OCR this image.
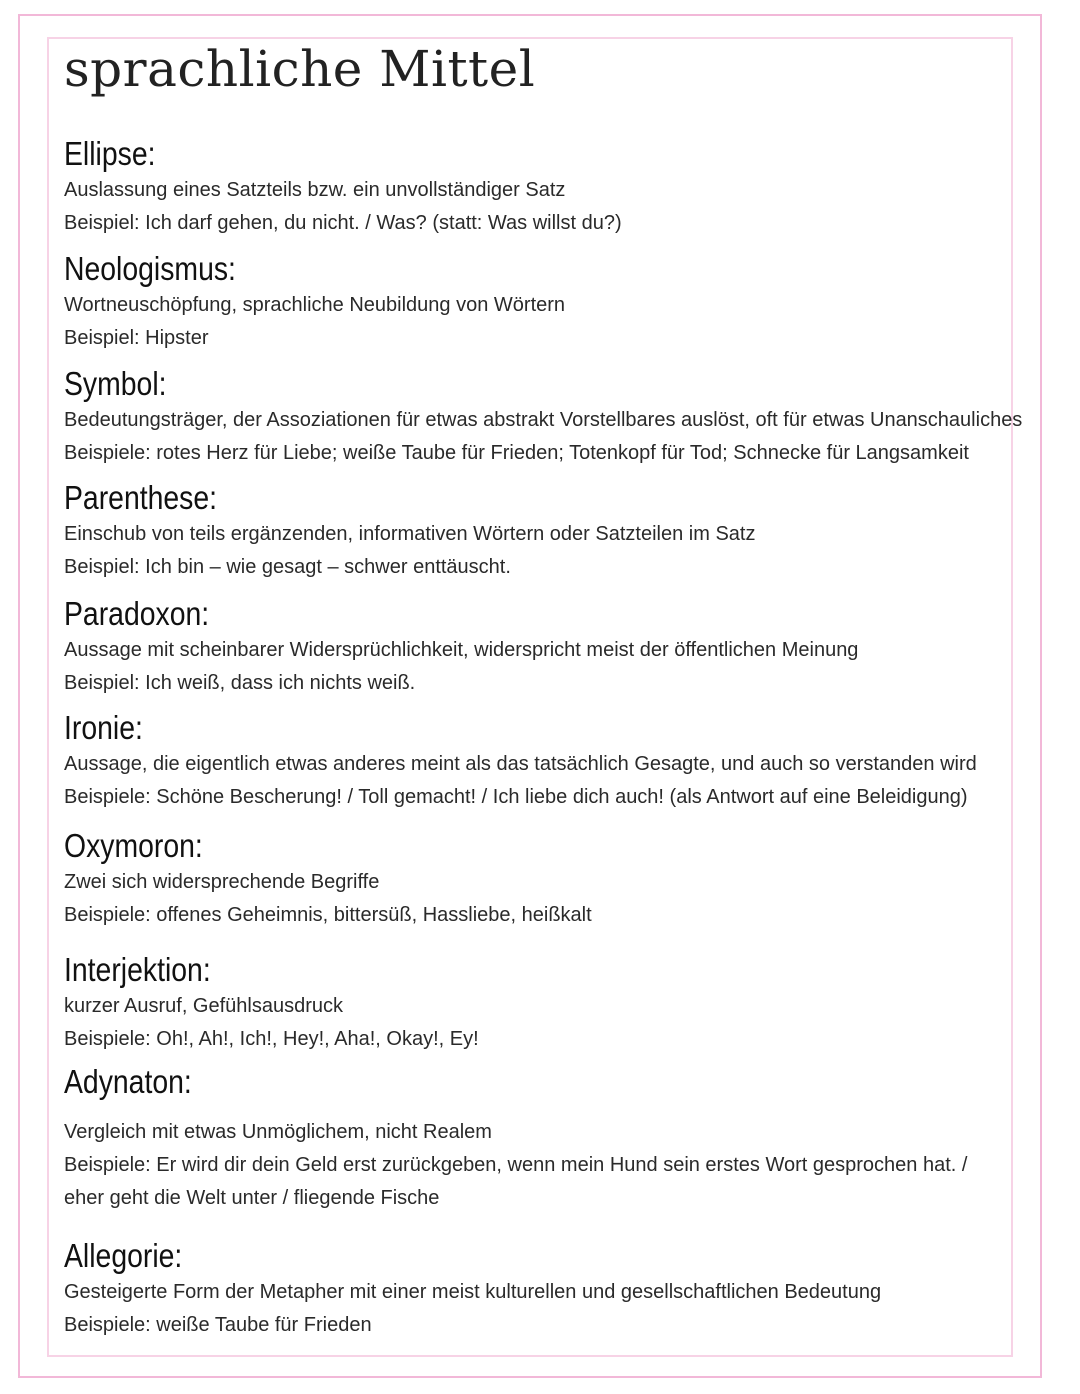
sprachliche Mittel
Ellipse:

Auslassung eines Satzteils bzw. ein unvollständiger Satz

Beispiel: Ich darf gehen, du nicht. / Was? (statt: Was willst du?)

Neologismus:

Wortneuschöpfung, sprachliche Neubildung von Wörtern

Beispiel: Hipster

Symbol:

Bedeutungsträger, der Assoziationen für etwas abstrakt Vorstellbares auslöst, oft für etwas Unanschauliches

Beispiele: rotes Herz für Liebe; weiße Taube für Frieden; Totenkopf für Tod; Schnecke für Langsamkeit

Parenthese:

Einschub von teils ergänzenden, informativen Wörtern oder Satzteilen im Satz

Beispiel: Ich bin – wie gesagt – schwer enttäuscht.

Paradoxon:

Aussage mit scheinbarer Widersprüchlichkeit, widerspricht meist der öffentlichen Meinung

Beispiel: Ich weiß, dass ich nichts weiß.

Ironie:

Aussage, die eigentlich etwas anderes meint als das tatsächlich Gesagte, und auch so verstanden wird

Beispiele: Schöne Bescherung! / Toll gemacht! / Ich liebe dich auch! (als Antwort auf eine Beleidigung)

Oxymoron:

Zwei sich widersprechende Begriffe

Beispiele: offenes Geheimnis, bittersüß, Hassliebe, heißkalt

Interjektion:

kurzer Ausruf, Gefühlsausdruck

Beispiele: Oh!, Ah!, Ich!, Hey!, Aha!, Okay!, Ey!

Adynaton:

Vergleich mit etwas Unmöglichem, nicht Realem

Beispiele: Er wird dir dein Geld erst zurückgeben, wenn mein Hund sein erstes Wort gesprochen hat. / eher geht die Welt unter / fliegende Fische

Allegorie:

Gesteigerte Form der Metapher mit einer meist kulturellen und gesellschaftlichen Bedeutung

Beispiele: weiße Taube für Frieden
